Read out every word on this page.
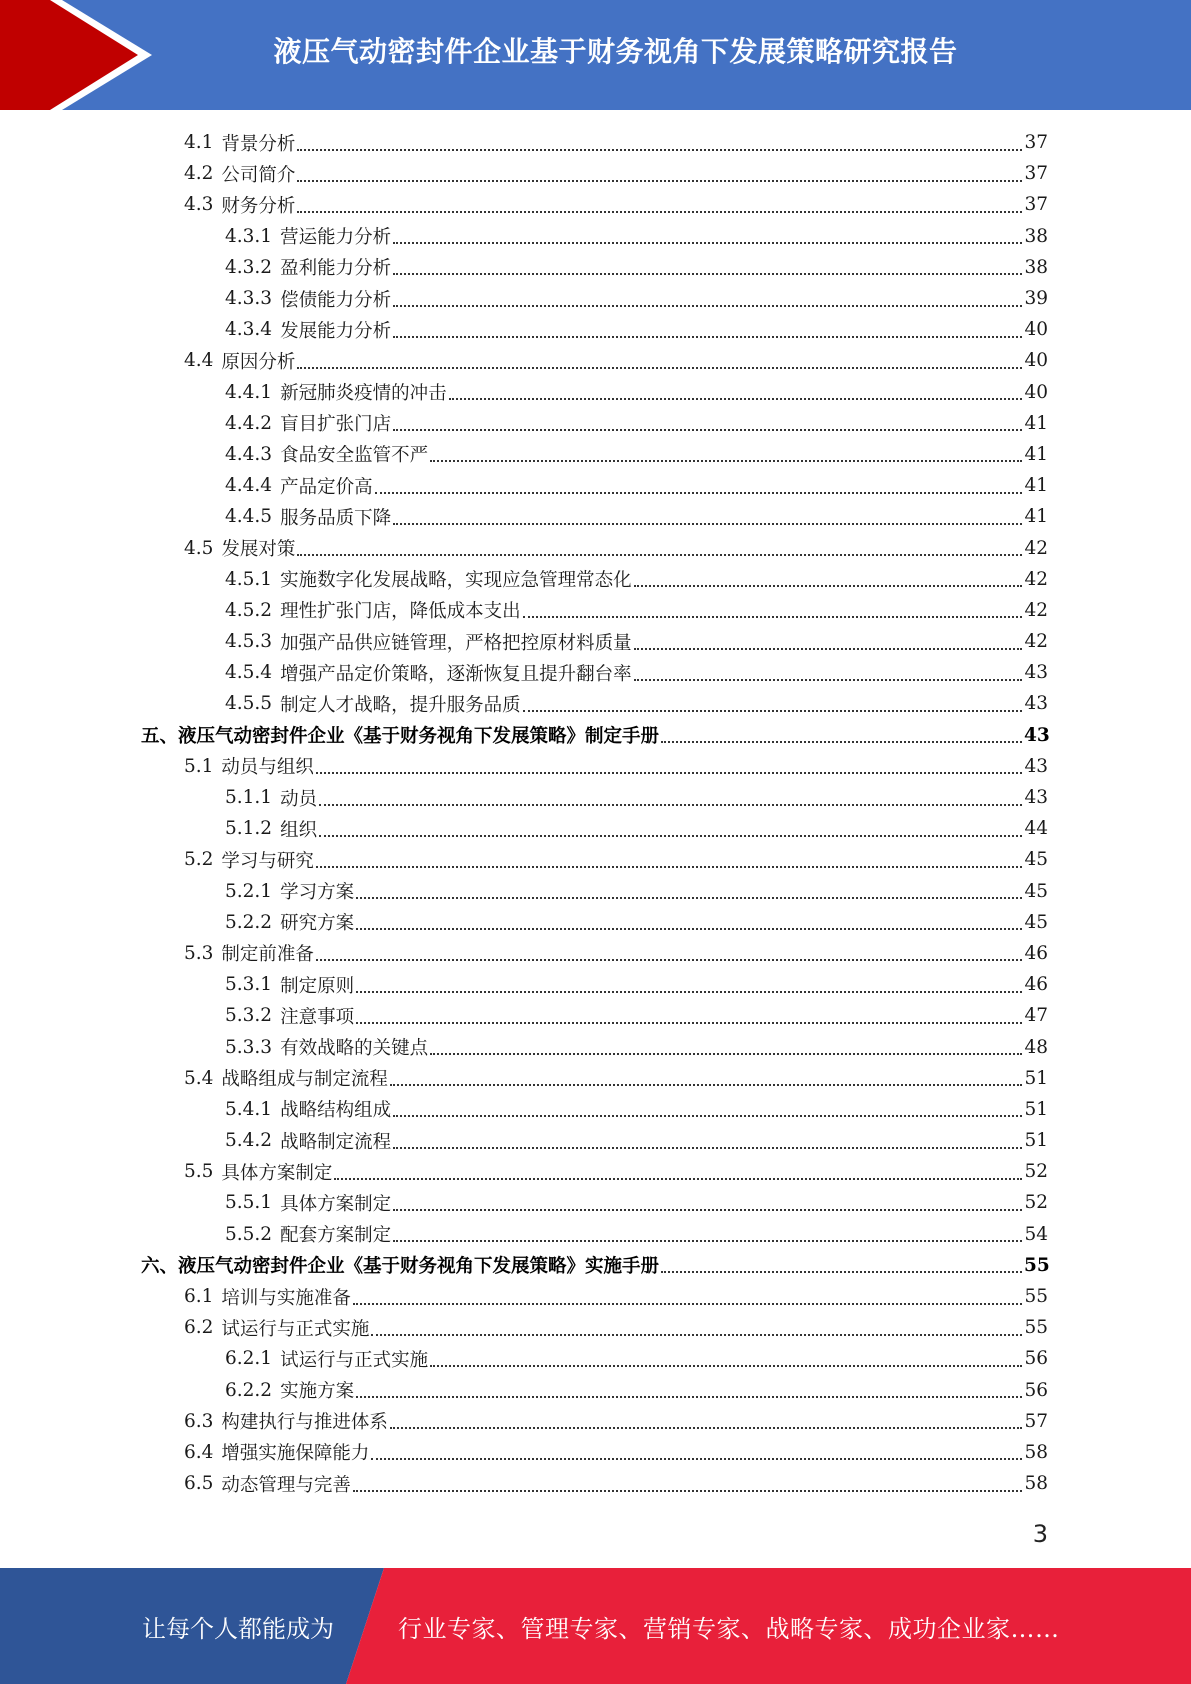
液压气动密封件企业基于财务视角下发展策略研究报告
4.1 背景分析	37
4.2 公司简介	37
4.3 财务分析	37
4.3.1 营运能力分析	38
4.3.2 盈利能力分析	38
4.3.3 偿债能力分析	39
4.3.4 发展能力分析	40
4.4 原因分析	40
4.4.1 新冠肺炎疫情的冲击	40
4.4.2 盲目扩张门店	41
4.4.3 食品安全监管不严	41
4.4.4 产品定价高	41
4.4.5 服务品质下降	41
4.5 发展对策	42
4.5.1 实施数字化发展战略，实现应急管理常态化	42
4.5.2 理性扩张门店，降低成本支出	42
4.5.3 加强产品供应链管理，严格把控原材料质量	42
4.5.4 增强产品定价策略，逐渐恢复且提升翻台率	43
4.5.5 制定人才战略，提升服务品质	43
五、 液压气动密封件企业《基于财务视角下发展策略》制定手册	43
5.1 动员与组织	43
5.1.1 动员	43
5.1.2 组织	44
5.2 学习与研究	45
5.2.1 学习方案	45
5.2.2 研究方案	45
5.3 制定前准备	46
5.3.1 制定原则	46
5.3.2 注意事项	47
5.3.3 有效战略的关键点	48
5.4 战略组成与制定流程	51
5.4.1 战略结构组成	51
5.4.2 战略制定流程	51
5.5 具体方案制定	52
5.5.1 具体方案制定	52
5.5.2 配套方案制定	54
六、 液压气动密封件企业《基于财务视角下发展策略》实施手册	55
6.1 培训与实施准备	55
6.2 试运行与正式实施	55
6.2.1 试运行与正式实施	56
6.2.2 实施方案	56
6.3 构建执行与推进体系	57
6.4 增强实施保障能力	58
6.5 动态管理与完善	58
3
让每个人都能成为	行业专家、管理专家、营销专家、战略专家、成功企业家……
